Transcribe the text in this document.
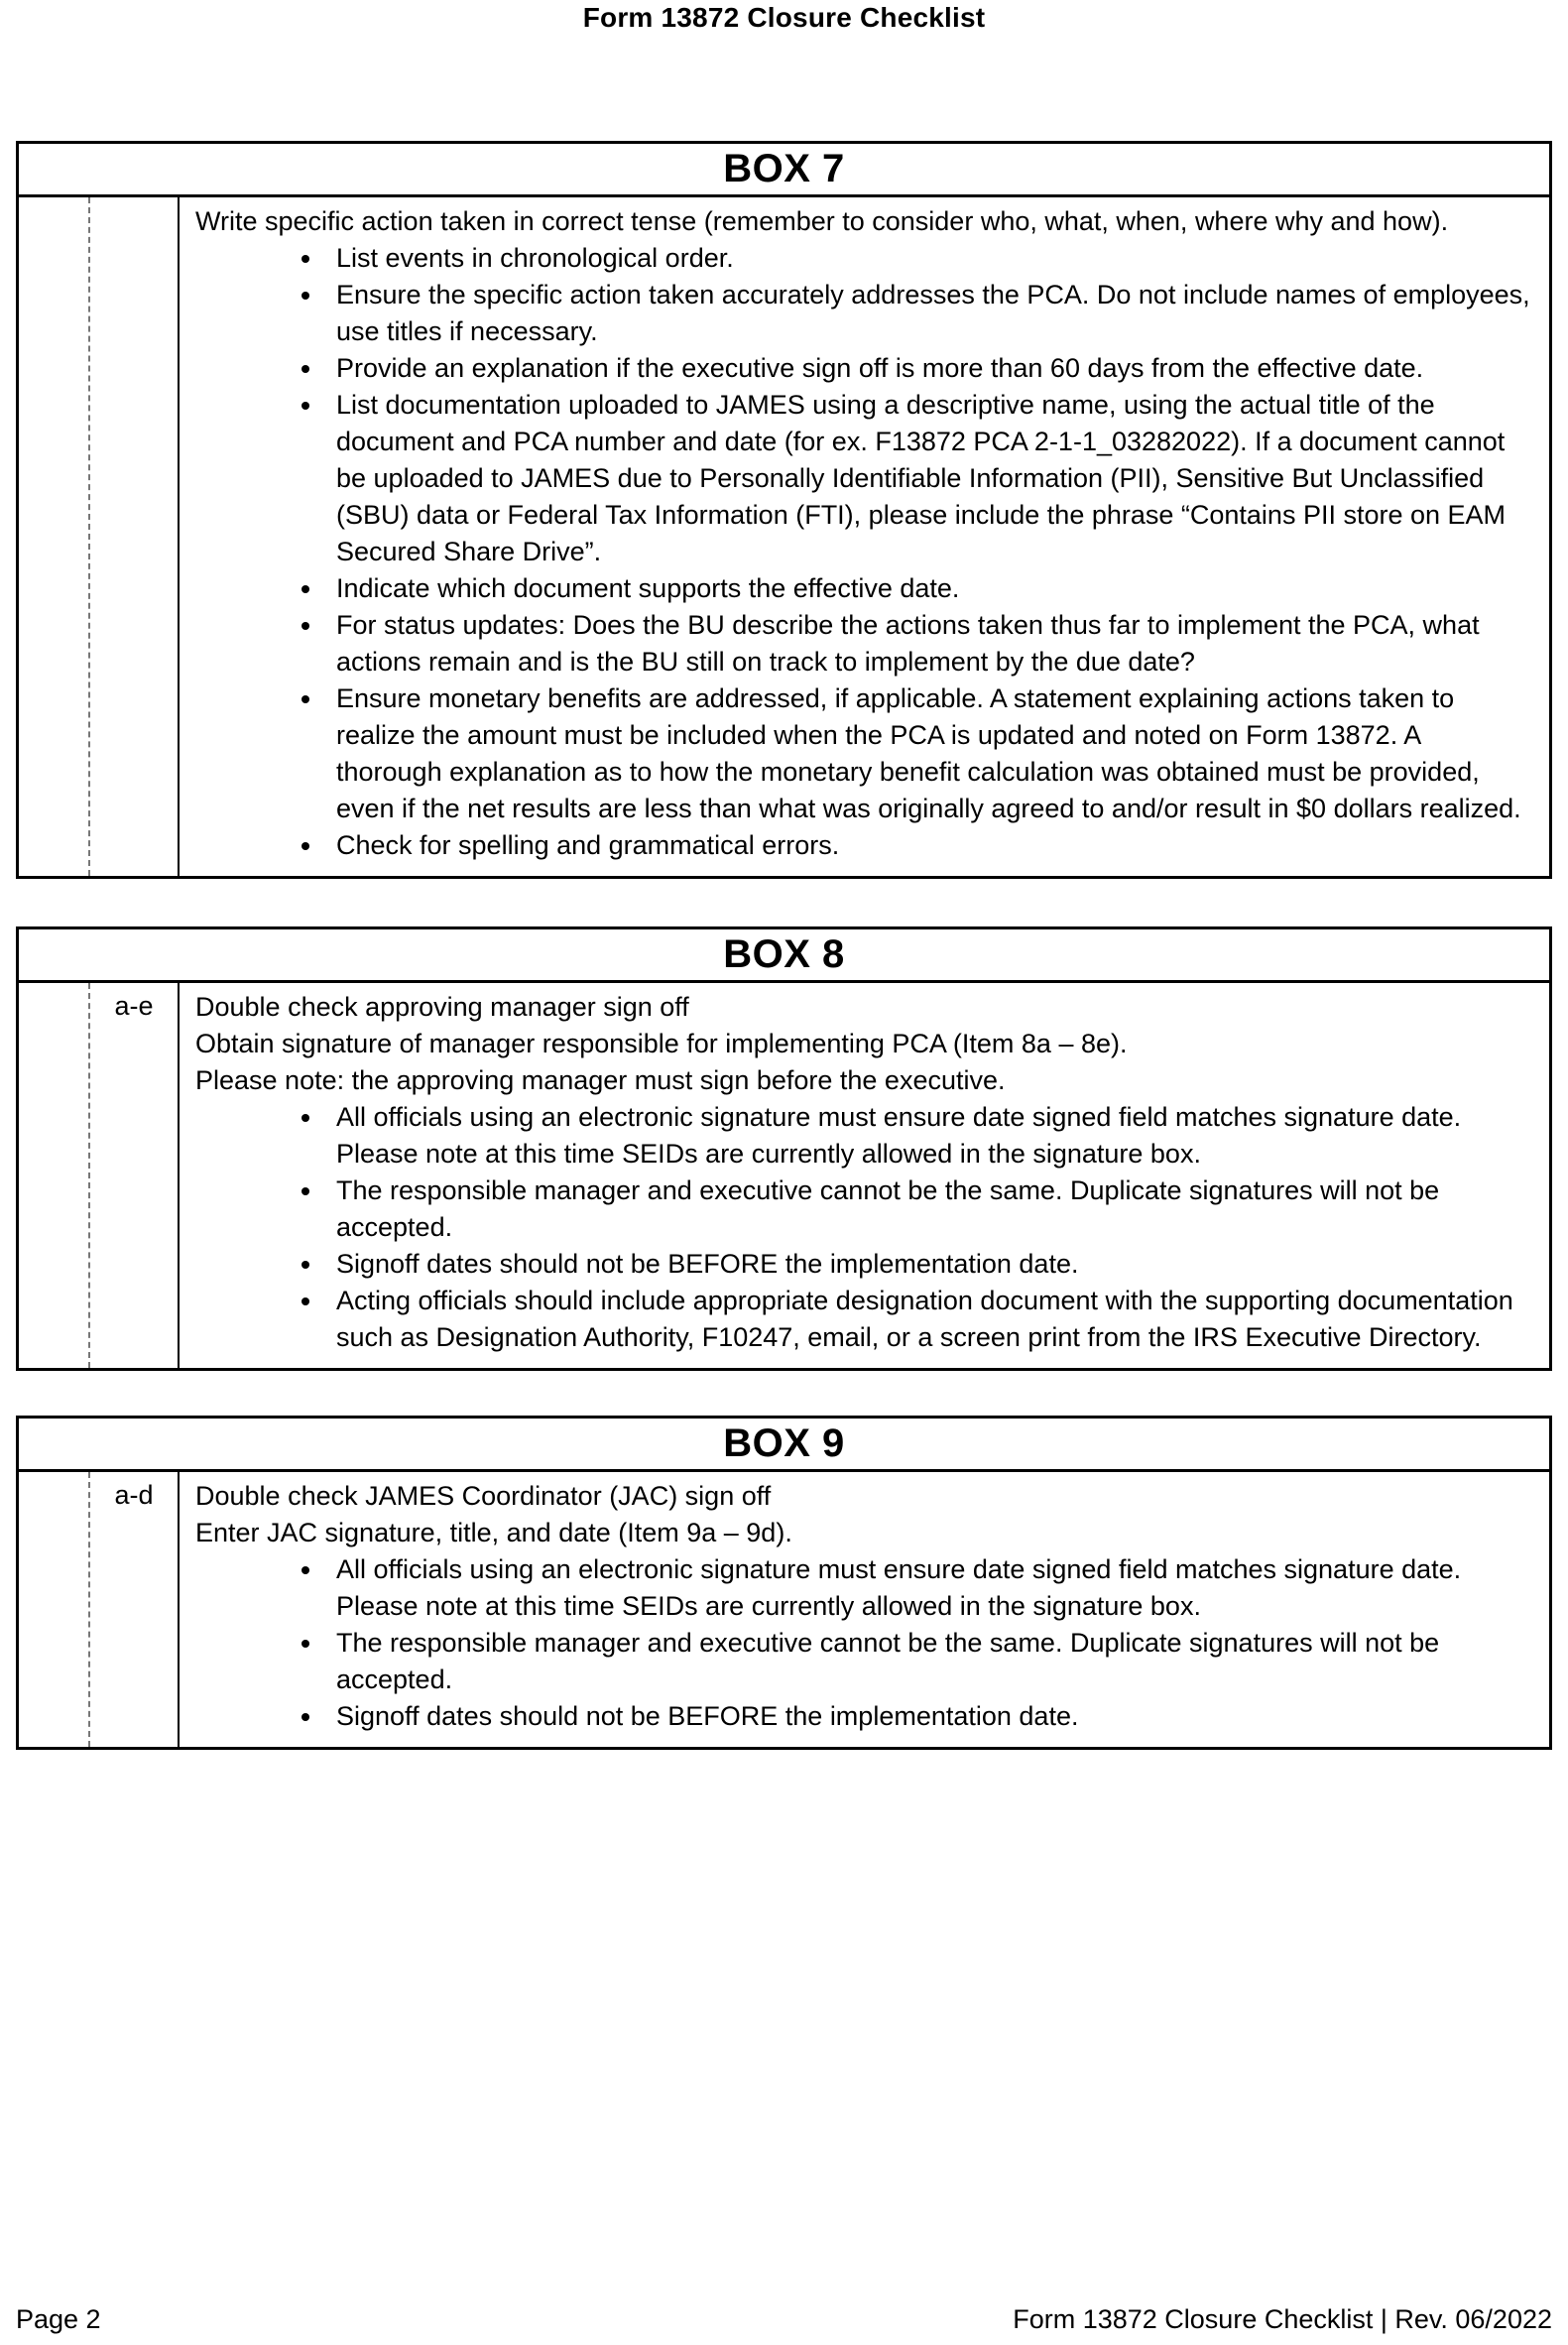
Form 13872 Closure Checklist
BOX 7

Write specific action taken in correct tense (remember to consider who, what, when, where why and how).

• List events in chronological order.
• Ensure the specific action taken accurately addresses the PCA. Do not include names of employees, use titles if necessary.
• Provide an explanation if the executive sign off is more than 60 days from the effective date.
• List documentation uploaded to JAMES using a descriptive name, using the actual title of the document and PCA number and date (for ex. F13872 PCA 2-1-1_03282022). If a document cannot be uploaded to JAMES due to Personally Identifiable Information (PII), Sensitive But Unclassified (SBU) data or Federal Tax Information (FTI), please include the phrase “Contains PII store on EAM Secured Share Drive”.
• Indicate which document supports the effective date.
• For status updates: Does the BU describe the actions taken thus far to implement the PCA, what actions remain and is the BU still on track to implement by the due date?
• Ensure monetary benefits are addressed, if applicable. A statement explaining actions taken to realize the amount must be included when the PCA is updated and noted on Form 13872. A thorough explanation as to how the monetary benefit calculation was obtained must be provided, even if the net results are less than what was originally agreed to and/or result in $0 dollars realized.
• Check for spelling and grammatical errors.
BOX 8
a-e	Double check approving manager sign off

Obtain signature of manager responsible for implementing PCA (Item 8a – 8e).

Please note: the approving manager must sign before the executive.

• All officials using an electronic signature must ensure date signed field matches signature date. Please note at this time SEIDs are currently allowed in the signature box.
• The responsible manager and executive cannot be the same. Duplicate signatures will not be accepted.
• Signoff dates should not be BEFORE the implementation date.
• Acting officials should include appropriate designation document with the supporting documentation such as Designation Authority, F10247, email, or a screen print from the IRS Executive Directory.
BOX 9
a-d	Double check JAMES Coordinator (JAC) sign off

Enter JAC signature, title, and date (Item 9a – 9d).

• All officials using an electronic signature must ensure date signed field matches signature date. Please note at this time SEIDs are currently allowed in the signature box.
• The responsible manager and executive cannot be the same. Duplicate signatures will not be accepted.
• Signoff dates should not be BEFORE the implementation date.
Page 2	Form 13872 Closure Checklist | Rev. 06/2022
